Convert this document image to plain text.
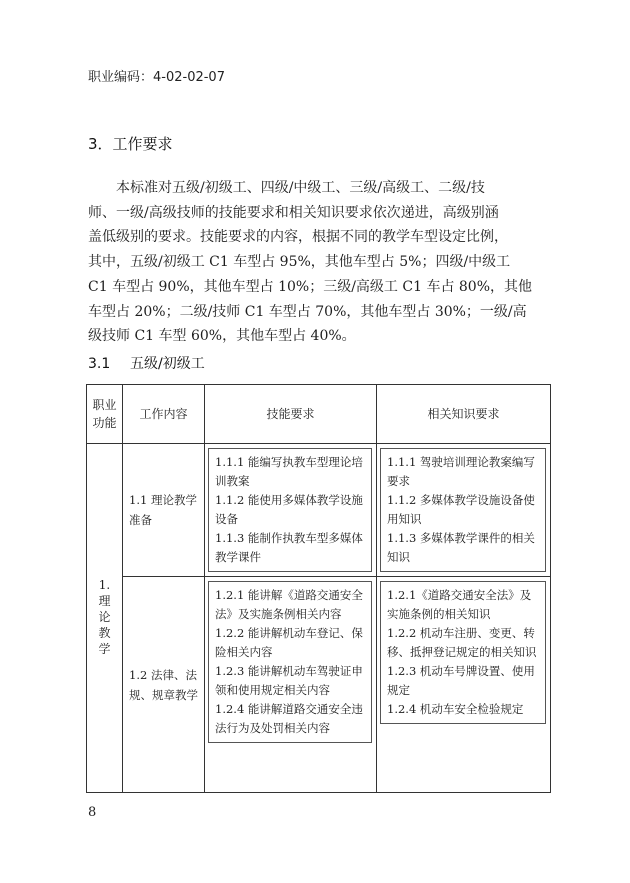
职业编码：4-02-02-07
3．工作要求
本标准对五级/初级工、四级/中级工、三级/高级工、二级/技
师、一级/高级技师的技能要求和相关知识要求依次递进，高级别涵
盖低级别的要求。技能要求的内容，根据不同的教学车型设定比例，
其中，五级/初级工 C1 车型占 95%，其他车型占 5%；四级/中级工
C1 车型占 90%，其他车型占 10%；三级/高级工 C1 车占 80%，其他
车型占 20%；二级/技师 C1 车型占 70%，其他车型占 30%；一级/高
级技师 C1 车型 60%，其他车型占 40%。
3.1 五级/初级工
职业
功能	工作内容	技能要求	相关知识要求
1.理论教学	1.1 理论教学准备	1.1.1 能编写执教车型理论培训教案
1.1.2 能使用多媒体教学设施设备
1.1.3 能制作执教车型多媒体教学课件	1.1.1 驾驶培训理论教案编写要求
1.1.2 多媒体教学设施设备使用知识
1.1.3 多媒体教学课件的相关知识

	1.2 法律、法规、规章教学	1.2.1 能讲解《道路交通安全法》及实施条例相关内容
1.2.2 能讲解机动车登记、保险相关内容
1.2.3 能讲解机动车驾驶证申领和使用规定相关内容
1.2.4 能讲解道路交通安全违法行为及处罚相关内容	1.2.1《道路交通安全法》及实施条例的相关知识
1.2.2 机动车注册、变更、转移、抵押登记规定的相关知识
1.2.3 机动车号牌设置、使用规定
1.2.4 机动车安全检验规定
8
